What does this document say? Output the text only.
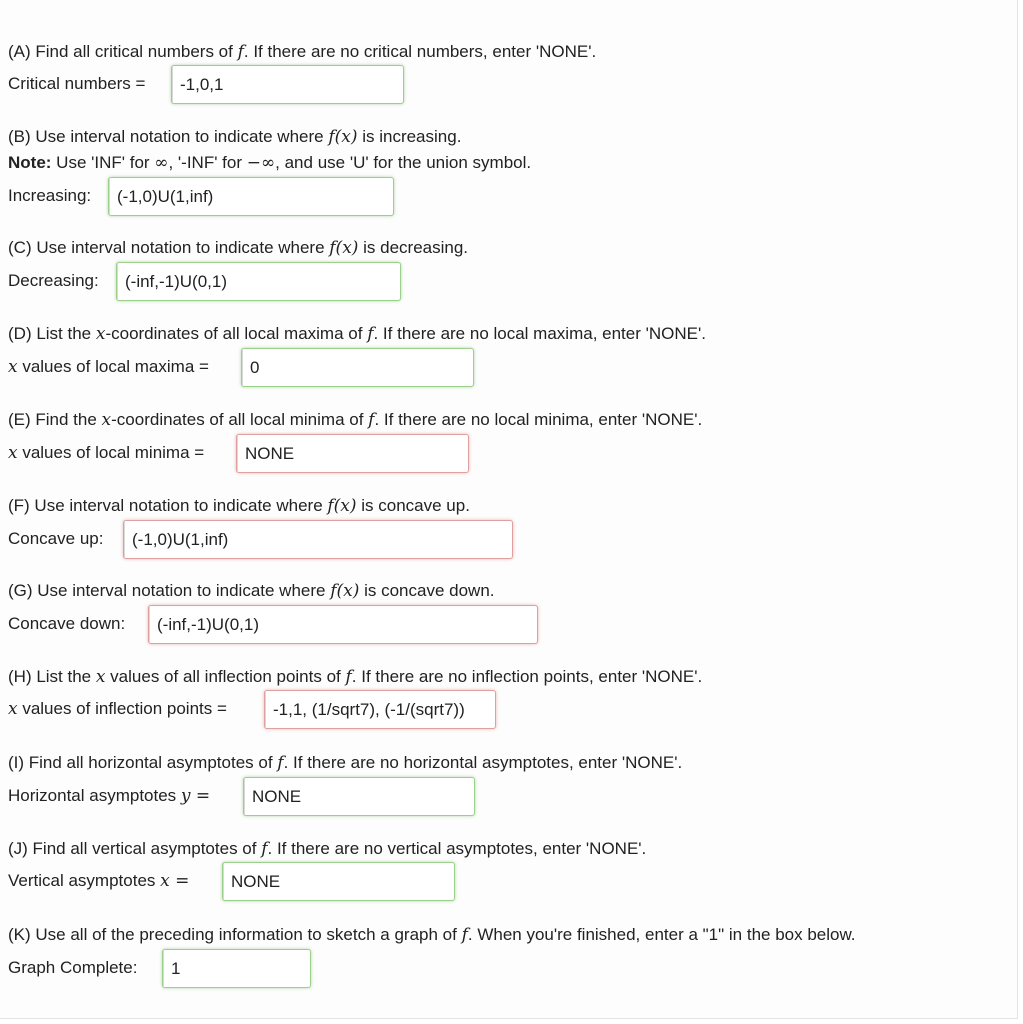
(A) Find all critical numbers of f. If there are no critical numbers, enter 'NONE'.
Critical numbers =	-1,0,1
(B) Use interval notation to indicate where f(x) is increasing.
Note: Use 'INF' for ∞, '-INF' for −∞, and use 'U' for the union symbol.
Increasing:	(-1,0)U(1,inf)
(C) Use interval notation to indicate where f(x) is decreasing.
Decreasing:	(-inf,-1)U(0,1)
(D) List the x-coordinates of all local maxima of f. If there are no local maxima, enter 'NONE'.
x values of local maxima =	0
(E) Find the x-coordinates of all local minima of f. If there are no local minima, enter 'NONE'.
x values of local minima =	NONE
(F) Use interval notation to indicate where f(x) is concave up.
Concave up:	(-1,0)U(1,inf)
(G) Use interval notation to indicate where f(x) is concave down.
Concave down:	(-inf,-1)U(0,1)
(H) List the x values of all inflection points of f. If there are no inflection points, enter 'NONE'.
x values of inflection points =	-1,1, (1/sqrt7), (-1/(sqrt7))
(I) Find all horizontal asymptotes of f. If there are no horizontal asymptotes, enter 'NONE'.
Horizontal asymptotes y =	NONE
(J) Find all vertical asymptotes of f. If there are no vertical asymptotes, enter 'NONE'.
Vertical asymptotes x =	NONE
(K) Use all of the preceding information to sketch a graph of f. When you're finished, enter a "1" in the box below.
Graph Complete:	1
